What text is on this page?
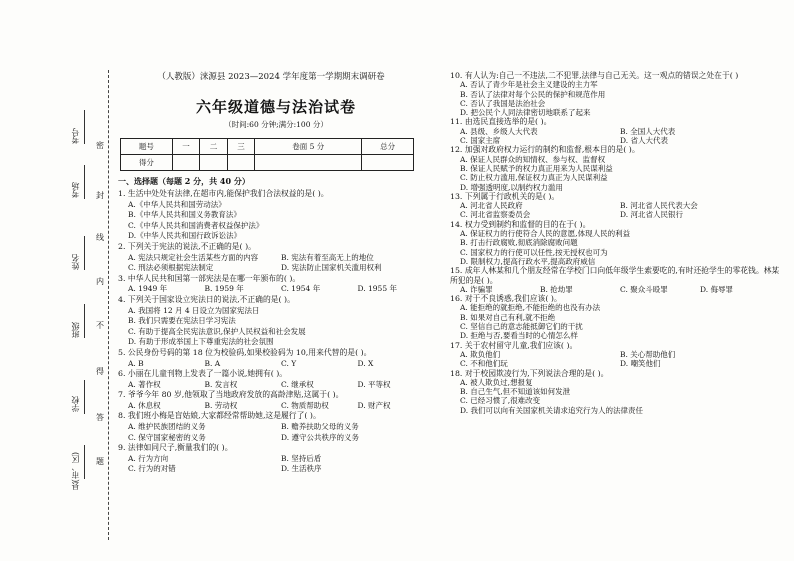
考号
考场
姓名
班级
学校
县(市、区)
密
封
线
内
不
得
答
题
（人教版）涞源县 2023—2024 学年度第一学期期末调研卷
六年级道德与法治试卷
（时间:60 分钟;满分:100 分）
题号	一	二	三	卷面 5 分	总分
得分					
一、选择题（每题 2 分，共 40 分）
1. 生活中处处有法律,在超市内,能保护我们合法权益的是( )。
A.《中华人民共和国劳动法》
B.《中华人民共和国义务教育法》
C.《中华人民共和国消费者权益保护法》
D.《中华人民共和国行政诉讼法》
2. 下列关于宪法的说法,不正确的是( )。
A. 宪法只规定社会生活某些方面的内容	B. 宪法有着至高无上的地位
C. 刑法必须根据宪法制定	D. 宪法防止国家机关滥用权利
3. 中华人民共和国第一部宪法是在哪一年颁布的( )。
A. 1949 年	B. 1959 年	C. 1954 年	D. 1955 年
4. 下列关于国家设立宪法日的说法,不正确的是( )。
A. 我国将 12 月 4 日设立为国家宪法日
B. 我们只需要在宪法日学习宪法
C. 有助于提高全民宪法意识,保护人民权益和社会发展
D. 有助于形成举国上下尊重宪法的社会氛围
5. 公民身份号码的第 18 位为校验码,如果校验码为 10,用来代替的是( )。
A. B	B. A	C. Y	D. X
6. 小丽在儿童刊物上发表了一篇小说,她拥有( )。
A. 著作权	B. 发言权	C. 继承权	D. 平等权
7. 爷爷今年 80 岁,他领取了当地政府发放的高龄津贴,这属于( )。
A. 休息权	B. 劳动权	C. 物质帮助权	D. 财产权
8. 我们班小梅是盲姑娘,大家都经常帮助她,这是履行了( )。
A. 维护民族团结的义务	B. 赡养扶助父母的义务
C. 保守国家秘密的义务	D. 遵守公共秩序的义务
9. 法律如同尺子,衡量我们的( )。
A. 行为方向	B. 坚持后盾
C. 行为的对错	D. 生活秩序
10. 有人认为:自己一不违法,二不犯罪,法律与自己无关。这一观点的错误之处在于( )
A. 否认了青少年是社会主义建设的主力军
B. 否认了法律对每个公民的保护和规范作用
C. 否认了我国是法治社会
D. 把公民个人同法律密切地联系了起来
11. 由选民直接选举的是( )。
A. 县级、乡级人大代表	B. 全国人大代表
C. 国家主席	D. 省人大代表
12. 加强对政府权力运行的制约和监督,根本目的是( )。
A. 保证人民群众的知情权、参与权、监督权
B. 保证人民赋予的权力真正用来为人民谋利益
C. 防止权力滥用,保证权力真正为人民谋利益
D. 增强透明度,以制约权力滥用
13. 下列属于行政机关的是( )。
A. 河北省人民政府	B. 河北省人民代表大会
C. 河北省监察委员会	D. 河北省人民银行
14. 权力受到制约和监督的目的在于( )。
A. 保证权力的行使符合人民的意愿,体现人民的利益
B. 打击行政腐败,彻底消除腐败问题
C. 国家权力的行使可以任性,按无授权也可为
D. 限制权力,提高行政水平,提高政府威信
15. 成年人林某和几个朋友经常在学校门口向低年级学生索要吃的,有时还抢学生的零花钱。林某所犯的是( )。
A. 诈骗罪	B. 抢劫罪	C. 聚众斗殴罪	D. 侮辱罪
16. 对于不良诱惑,我们应该( )。
A. 能拒绝的就拒绝,不能拒绝的也没有办法
B. 如果对自己有利,就不拒绝
C. 坚信自己的意志能抵御它们的干扰
D. 拒绝与否,要看当时的心情怎么样
17. 关于农村留守儿童,我们应该( )。
A. 欺负他们	B. 关心帮助他们
C. 不和他们玩	D. 嘲笑他们
18. 对于校园欺凌行为,下列说法合理的是( )。
A. 被人欺负过,想报复
B. 自己生气,但不知道该如何发泄
C. 已经习惯了,很难改变
D. 我们可以向有关国家机关请求追究行为人的法律责任
